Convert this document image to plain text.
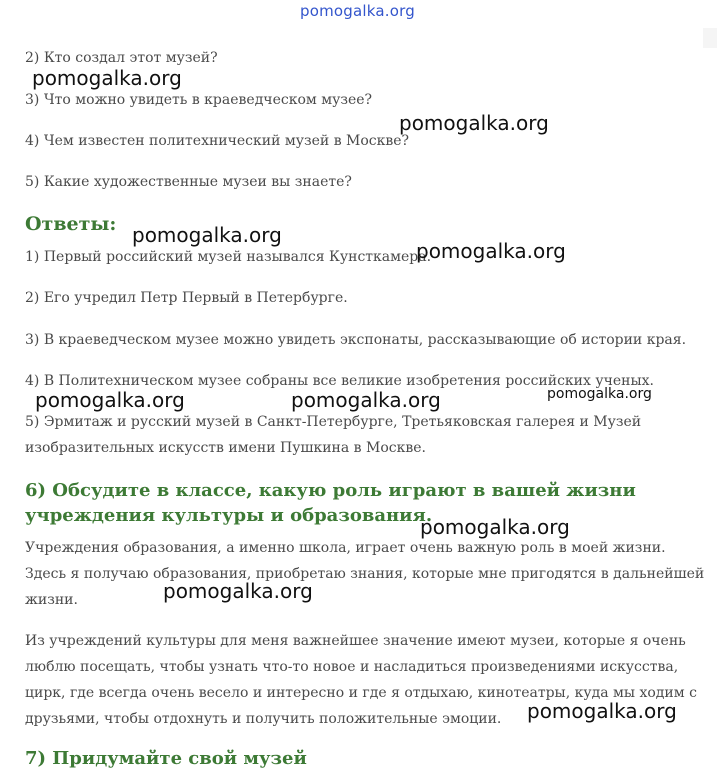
pomogalka.org
2) Кто создал этот музей?
3) Что можно увидеть в краеведческом музее?
4) Чем известен политехнический музей в Москве?
5) Какие художественные музеи вы знаете?
Ответы:
1) Первый российский музей назывался Кунсткамера.
2) Его учредил Петр Первый в Петербурге.
3) В краеведческом музее можно увидеть экспонаты, рассказывающие об истории края.
4) В Политехническом музее собраны все великие изобретения российских ученых.
5) Эрмитаж и русский музей в Санкт-Петербурге, Третьяковская галерея и Музей
изобразительных искусств имени Пушкина в Москве.
6) Обсудите в классе, какую роль играют в вашей жизни
учреждения культуры и образования.
Учреждения образования, а именно школа, играет очень важную роль в моей жизни.
Здесь я получаю образования, приобретаю знания, которые мне пригодятся в дальнейшей
жизни.
Из учреждений культуры для меня важнейшее значение имеют музеи, которые я очень
люблю посещать, чтобы узнать что-то новое и насладиться произведениями искусства,
цирк, где всегда очень весело и интересно и где я отдыхаю, кинотеатры, куда мы ходим с
друзьями, чтобы отдохнуть и получить положительные эмоции.
7) Придумайте свой музей
pomogalka.org
pomogalka.org
pomogalka.org
pomogalka.org
pomogalka.org	pomogalka.org	pomogalka.org
pomogalka.org
pomogalka.org
pomogalka.org
